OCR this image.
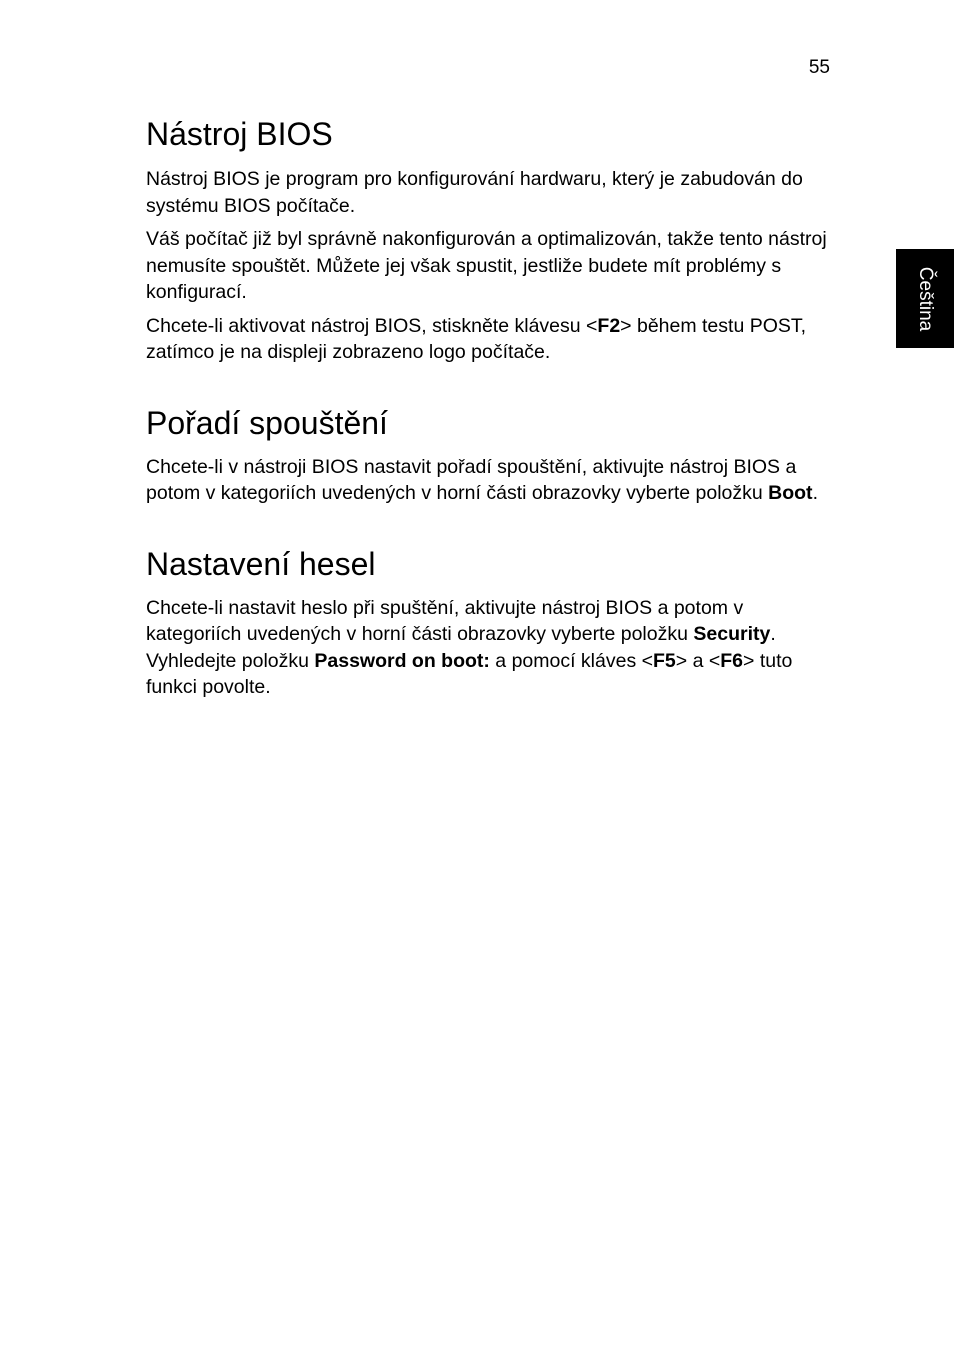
55
Čeština
Nástroj BIOS

Nástroj BIOS je program pro konfigurování hardwaru, který je zabudován do systému BIOS počítače.

Váš počítač již byl správně nakonfigurován a optimalizován, takže tento nástroj nemusíte spouštět. Můžete jej však spustit, jestliže budete mít problémy s konfigurací.

Chcete-li aktivovat nástroj BIOS, stiskněte klávesu <F2> během testu POST, zatímco je na displeji zobrazeno logo počítače.

Pořadí spouštění

Chcete-li v nástroji BIOS nastavit pořadí spouštění, aktivujte nástroj BIOS a potom v kategoriích uvedených v horní části obrazovky vyberte položku Boot.

Nastavení hesel

Chcete-li nastavit heslo při spuštění, aktivujte nástroj BIOS a potom v kategoriích uvedených v horní části obrazovky vyberte položku Security. Vyhledejte položku Password on boot: a pomocí kláves <F5> a <F6> tuto funkci povolte.
